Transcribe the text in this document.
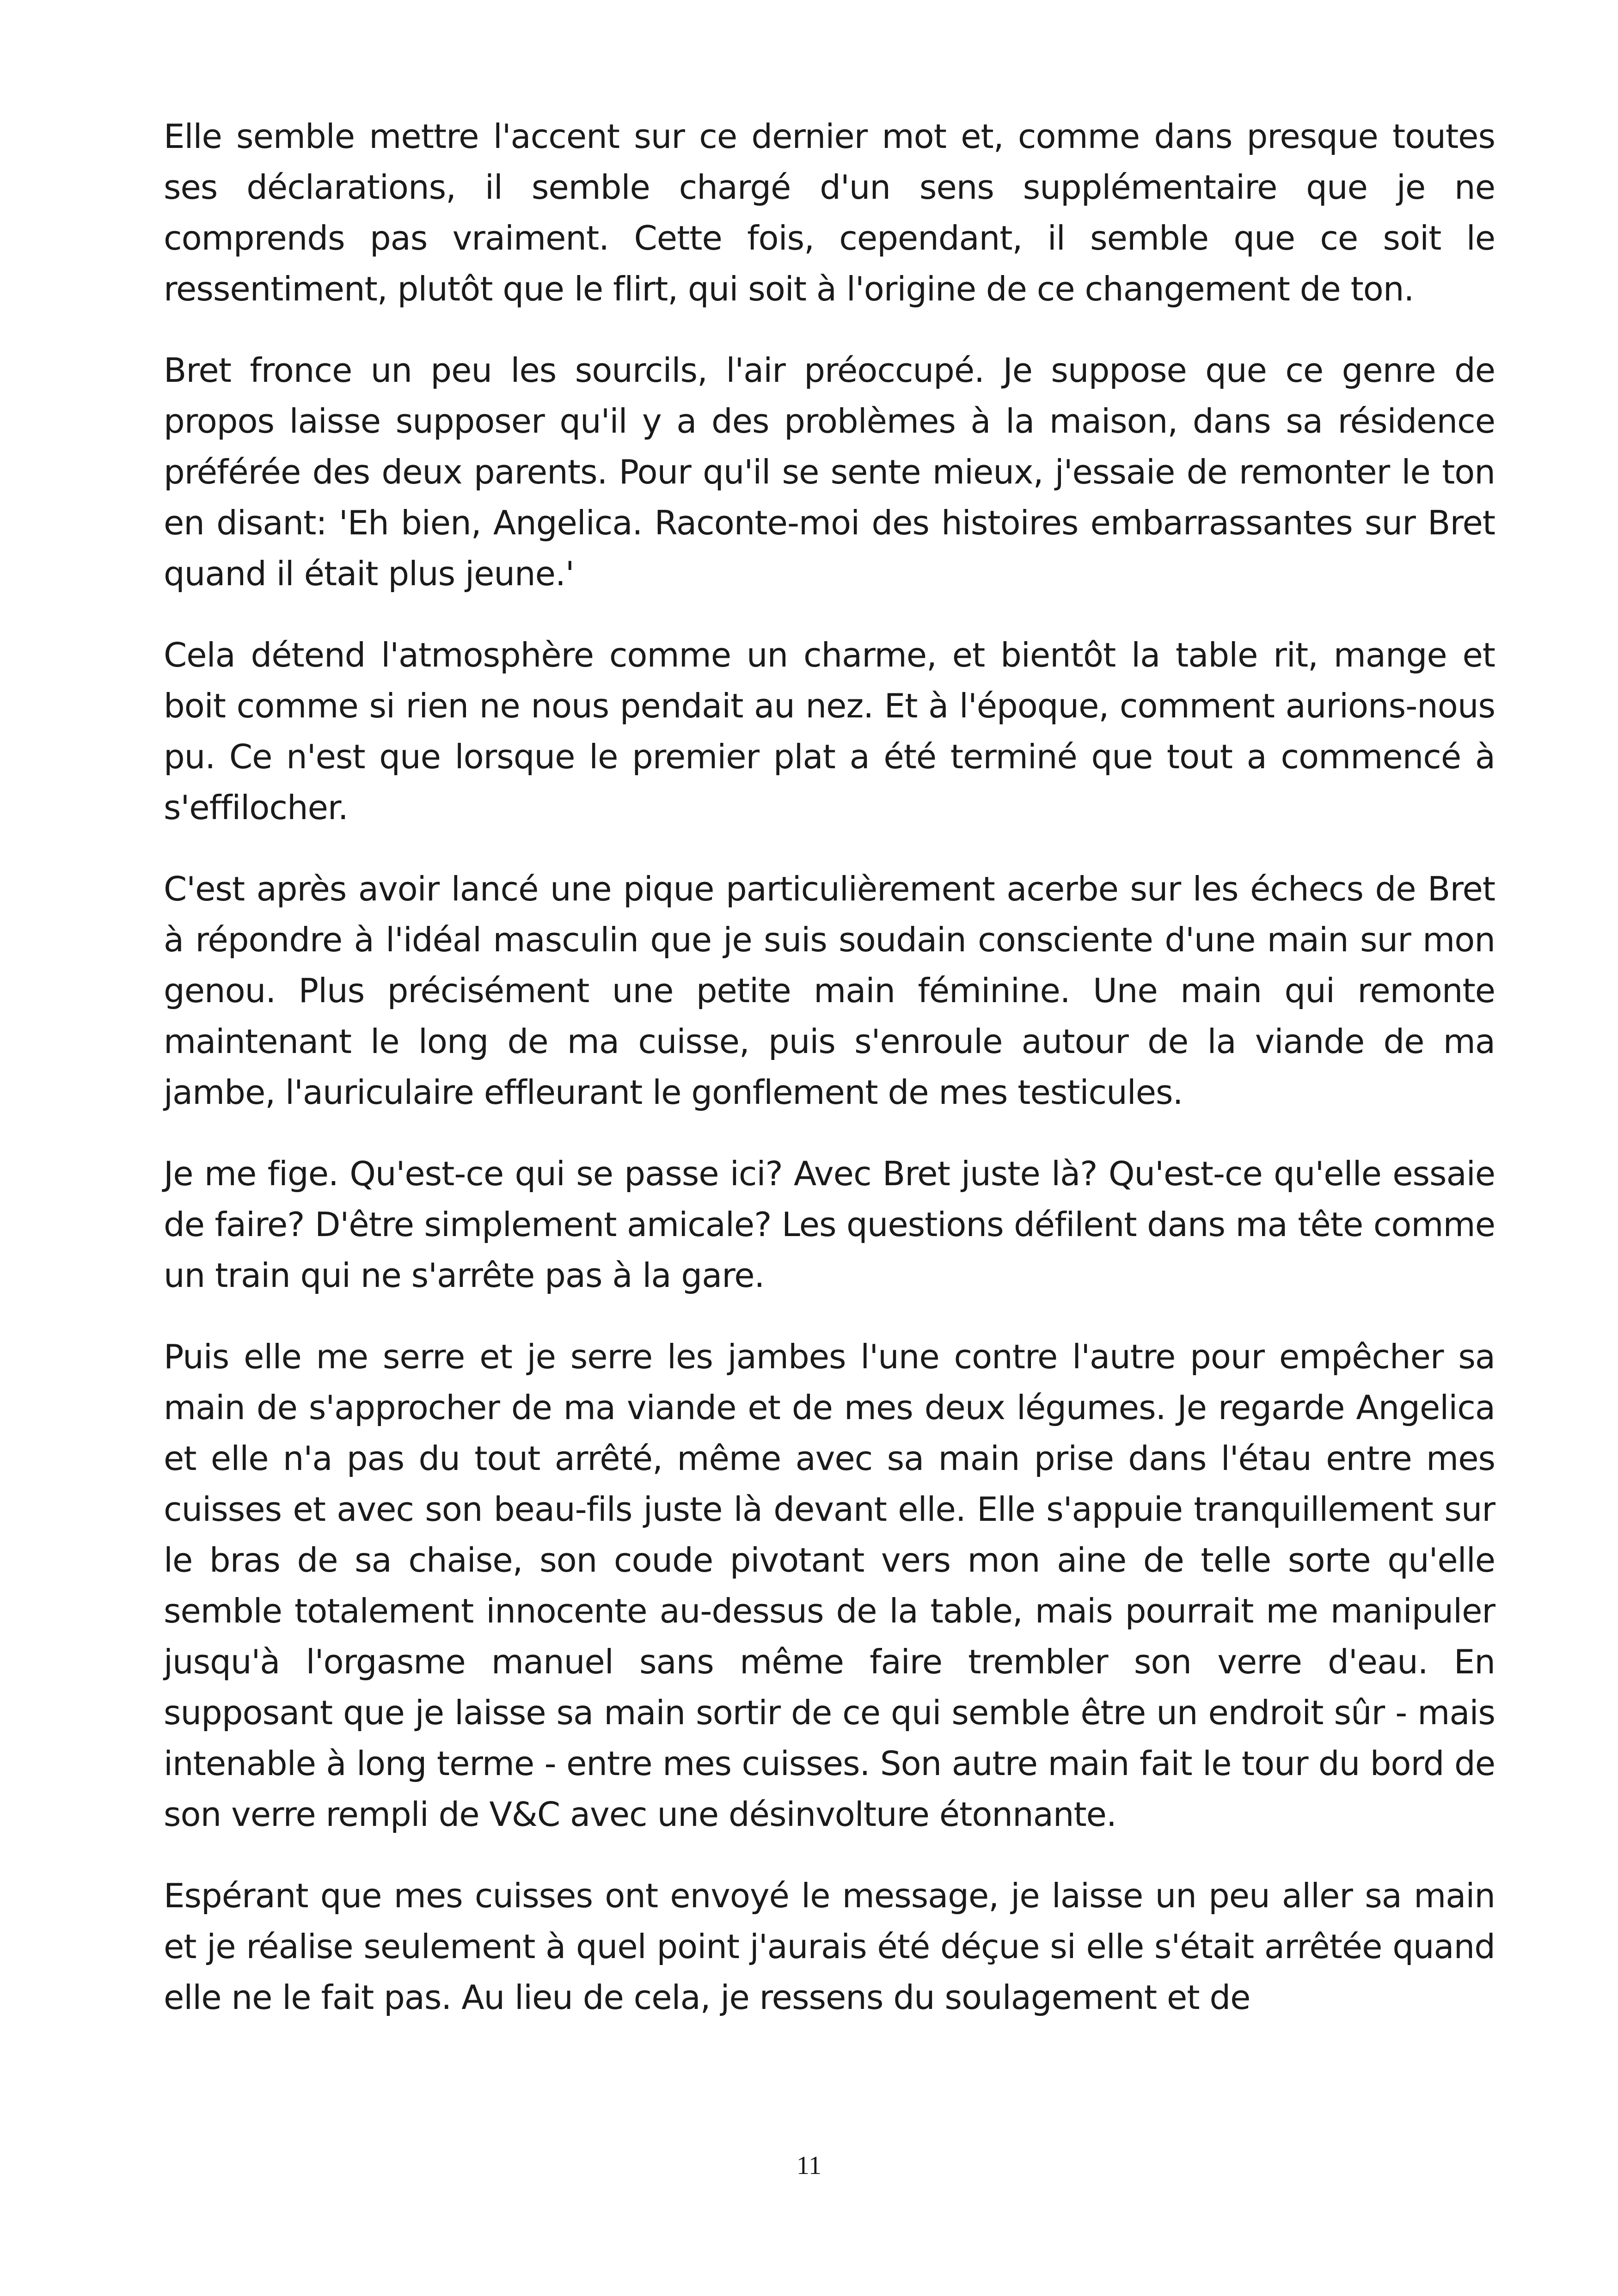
Elle semble mettre l'accent sur ce dernier mot et, comme dans presque toutes ses déclarations, il semble chargé d'un sens supplémentaire que je ne comprends pas vraiment. Cette fois, cependant, il semble que ce soit le ressentiment, plutôt que le flirt, qui soit à l'origine de ce changement de ton.

Bret fronce un peu les sourcils, l'air préoccupé. Je suppose que ce genre de propos laisse supposer qu'il y a des problèmes à la maison, dans sa résidence préférée des deux parents. Pour qu'il se sente mieux, j'essaie de remonter le ton en disant: 'Eh bien, Angelica. Raconte-moi des histoires embarrassantes sur Bret quand il était plus jeune.'

Cela détend l'atmosphère comme un charme, et bientôt la table rit, mange et boit comme si rien ne nous pendait au nez. Et à l'époque, comment aurions-nous pu. Ce n'est que lorsque le premier plat a été terminé que tout a commencé à s'effilocher.

C'est après avoir lancé une pique particulièrement acerbe sur les échecs de Bret à répondre à l'idéal masculin que je suis soudain consciente d'une main sur mon genou. Plus précisément une petite main féminine. Une main qui remonte maintenant le long de ma cuisse, puis s'enroule autour de la viande de ma jambe, l'auriculaire effleurant le gonflement de mes testicules.

Je me fige. Qu'est-ce qui se passe ici? Avec Bret juste là? Qu'est-ce qu'elle essaie de faire? D'être simplement amicale? Les questions défilent dans ma tête comme un train qui ne s'arrête pas à la gare.

Puis elle me serre et je serre les jambes l'une contre l'autre pour empêcher sa main de s'approcher de ma viande et de mes deux légumes. Je regarde Angelica et elle n'a pas du tout arrêté, même avec sa main prise dans l'étau entre mes cuisses et avec son beau-fils juste là devant elle. Elle s'appuie tranquillement sur le bras de sa chaise, son coude pivotant vers mon aine de telle sorte qu'elle semble totalement innocente au-dessus de la table, mais pourrait me manipuler jusqu'à l'orgasme manuel sans même faire trembler son verre d'eau. En supposant que je laisse sa main sortir de ce qui semble être un endroit sûr - mais intenable à long terme - entre mes cuisses. Son autre main fait le tour du bord de son verre rempli de V&C avec une désinvolture étonnante.

Espérant que mes cuisses ont envoyé le message, je laisse un peu aller sa main et je réalise seulement à quel point j'aurais été déçue si elle s'était arrêtée quand elle ne le fait pas. Au lieu de cela, je ressens du soulagement et de

11
